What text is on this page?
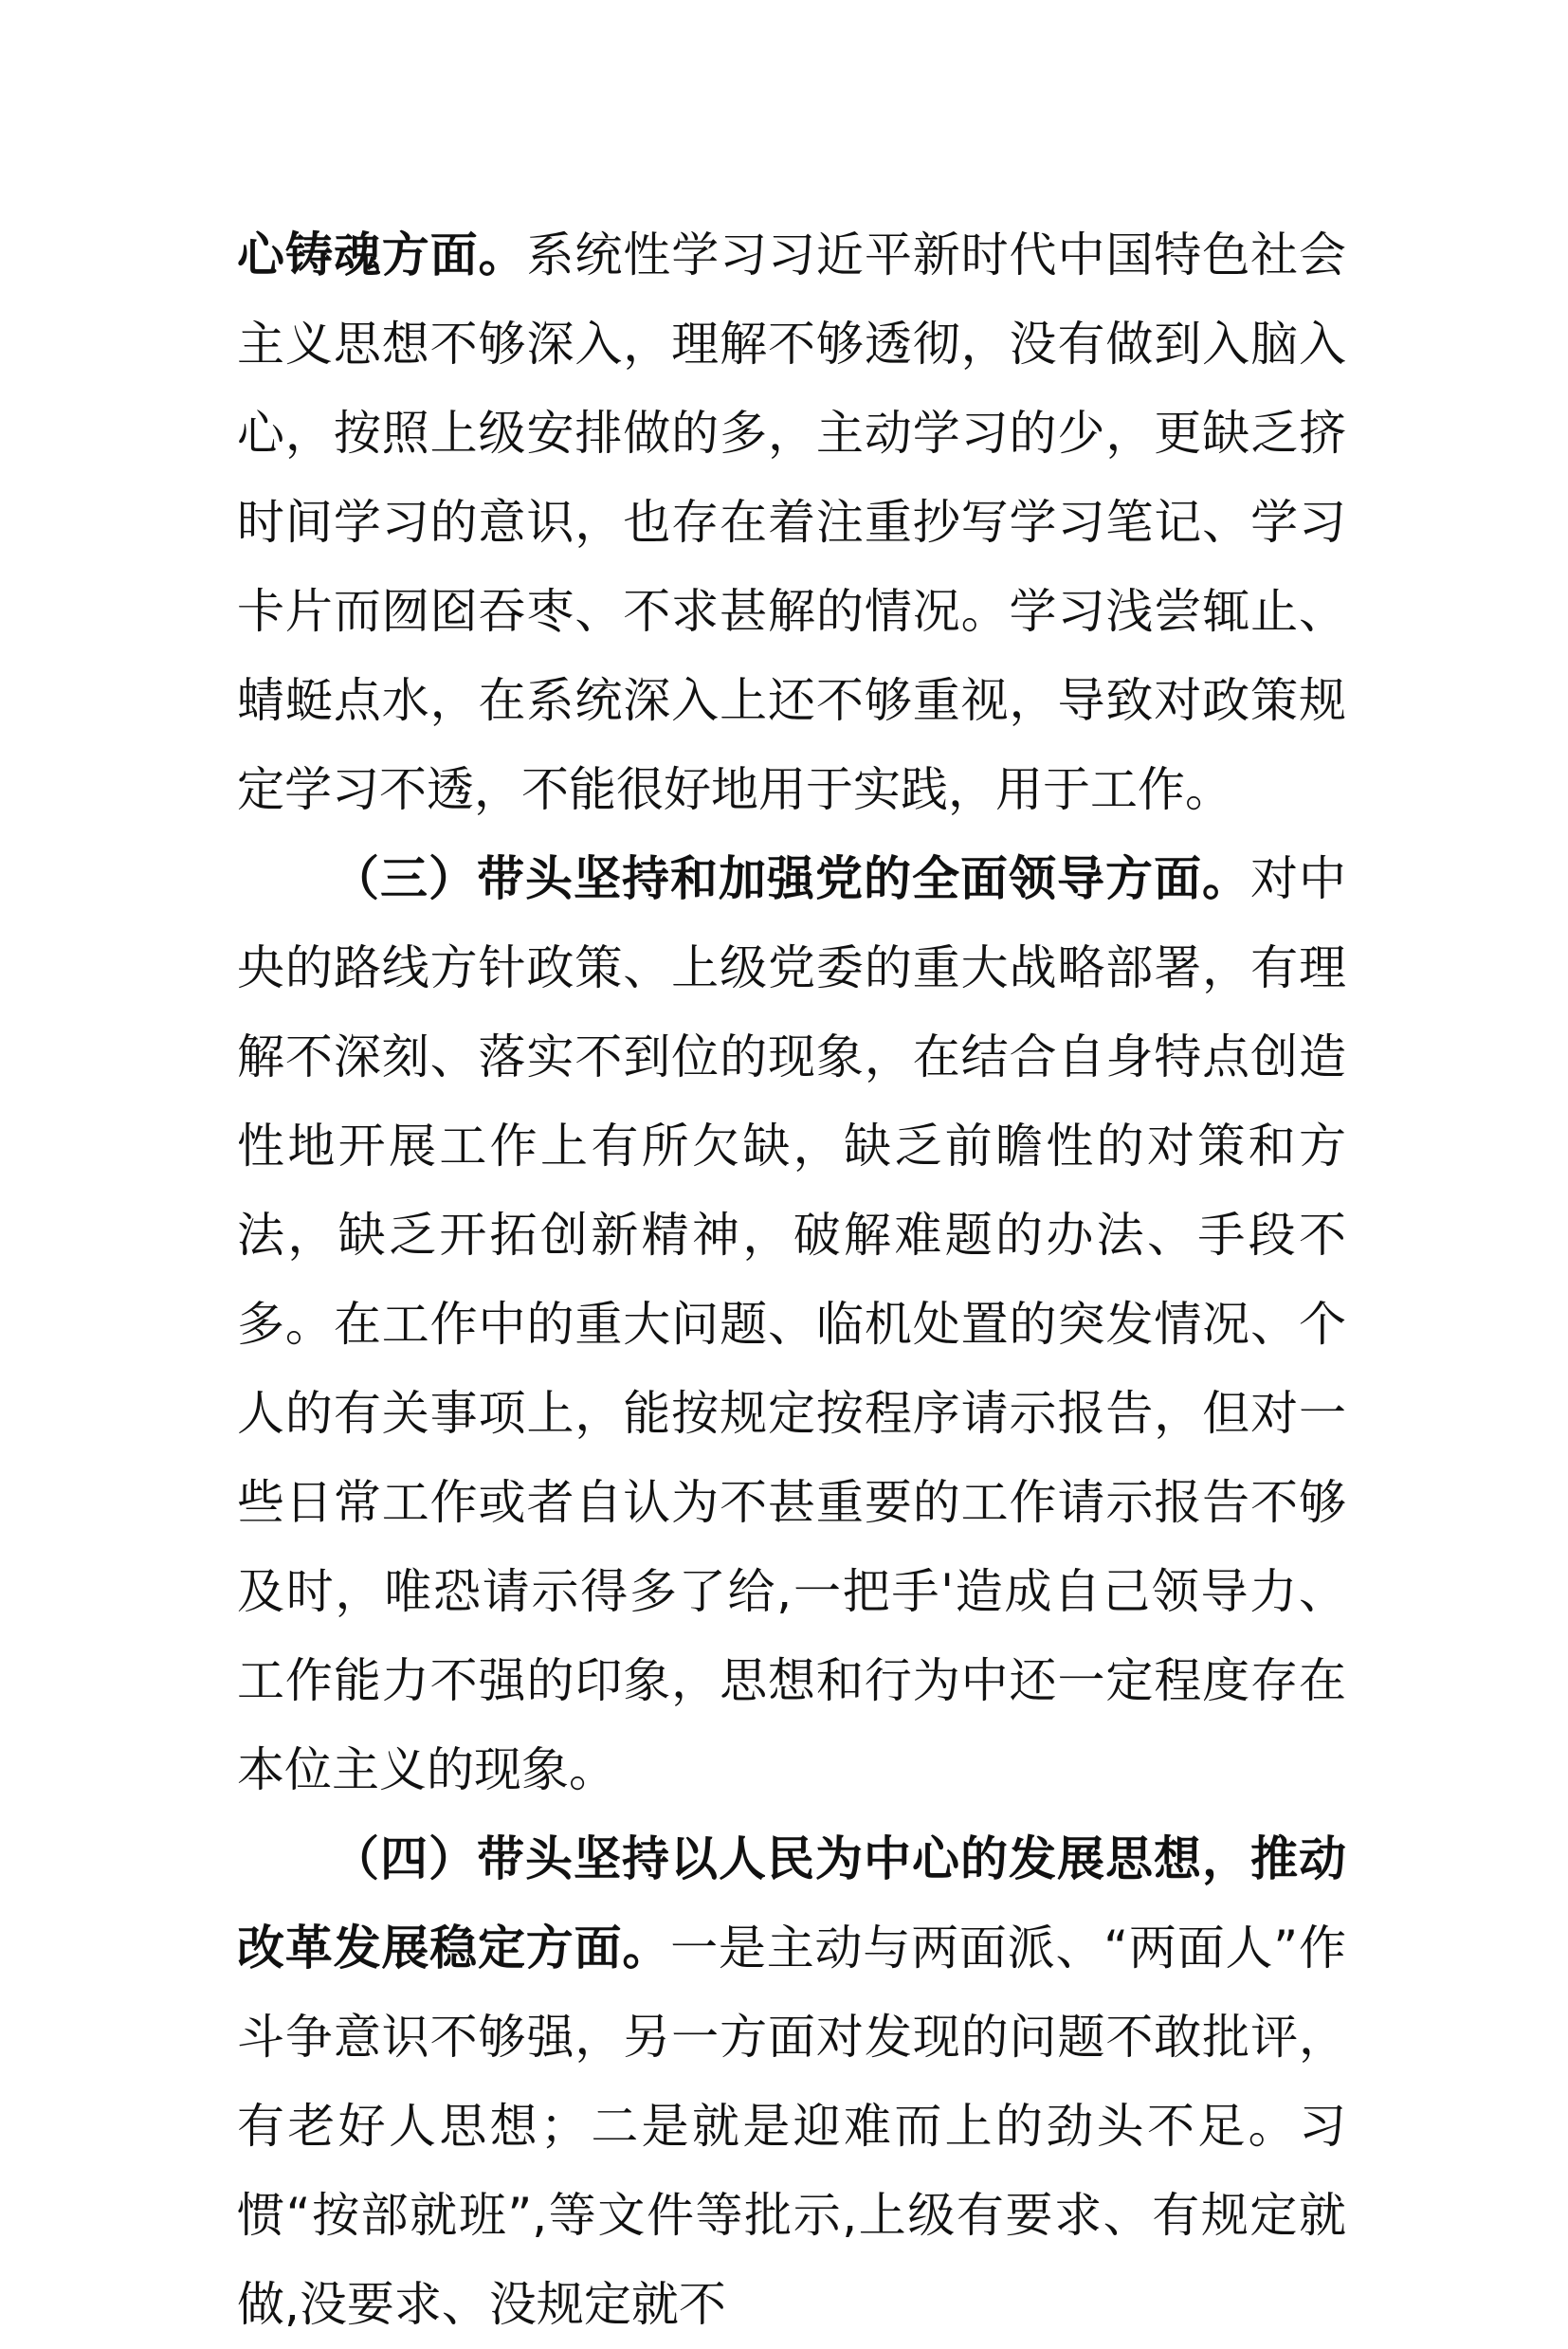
心铸魂方面。系统性学习习近平新时代中国特色社会主义思想不够深入，理解不够透彻，没有做到入脑入心，按照上级安排做的多，主动学习的少，更缺乏挤时间学习的意识，也存在着注重抄写学习笔记、学习卡片而囫囵吞枣、不求甚解的情况。学习浅尝辄止、蜻蜓点水，在系统深入上还不够重视，导致对政策规定学习不透，不能很好地用于实践，用于工作。

（三）带头坚持和加强党的全面领导方面。对中央的路线方针政策、上级党委的重大战略部署，有理解不深刻、落实不到位的现象，在结合自身特点创造性地开展工作上有所欠缺，缺乏前瞻性的对策和方法，缺乏开拓创新精神，破解难题的办法、手段不多。在工作中的重大问题、临机处置的突发情况、个人的有关事项上，能按规定按程序请示报告，但对一些日常工作或者自认为不甚重要的工作请示报告不够及时，唯恐请示得多了给,一把手'造成自己领导力、工作能力不强的印象，思想和行为中还一定程度存在本位主义的现象。

（四）带头坚持以人民为中心的发展思想，推动改革发展稳定方面。一是主动与两面派、“两面人”作斗争意识不够强，另一方面对发现的问题不敢批评，有老好人思想；二是就是迎难而上的劲头不足。习惯“按部就班”,等文件等批示,上级有要求、有规定就做,没要求、没规定就不
